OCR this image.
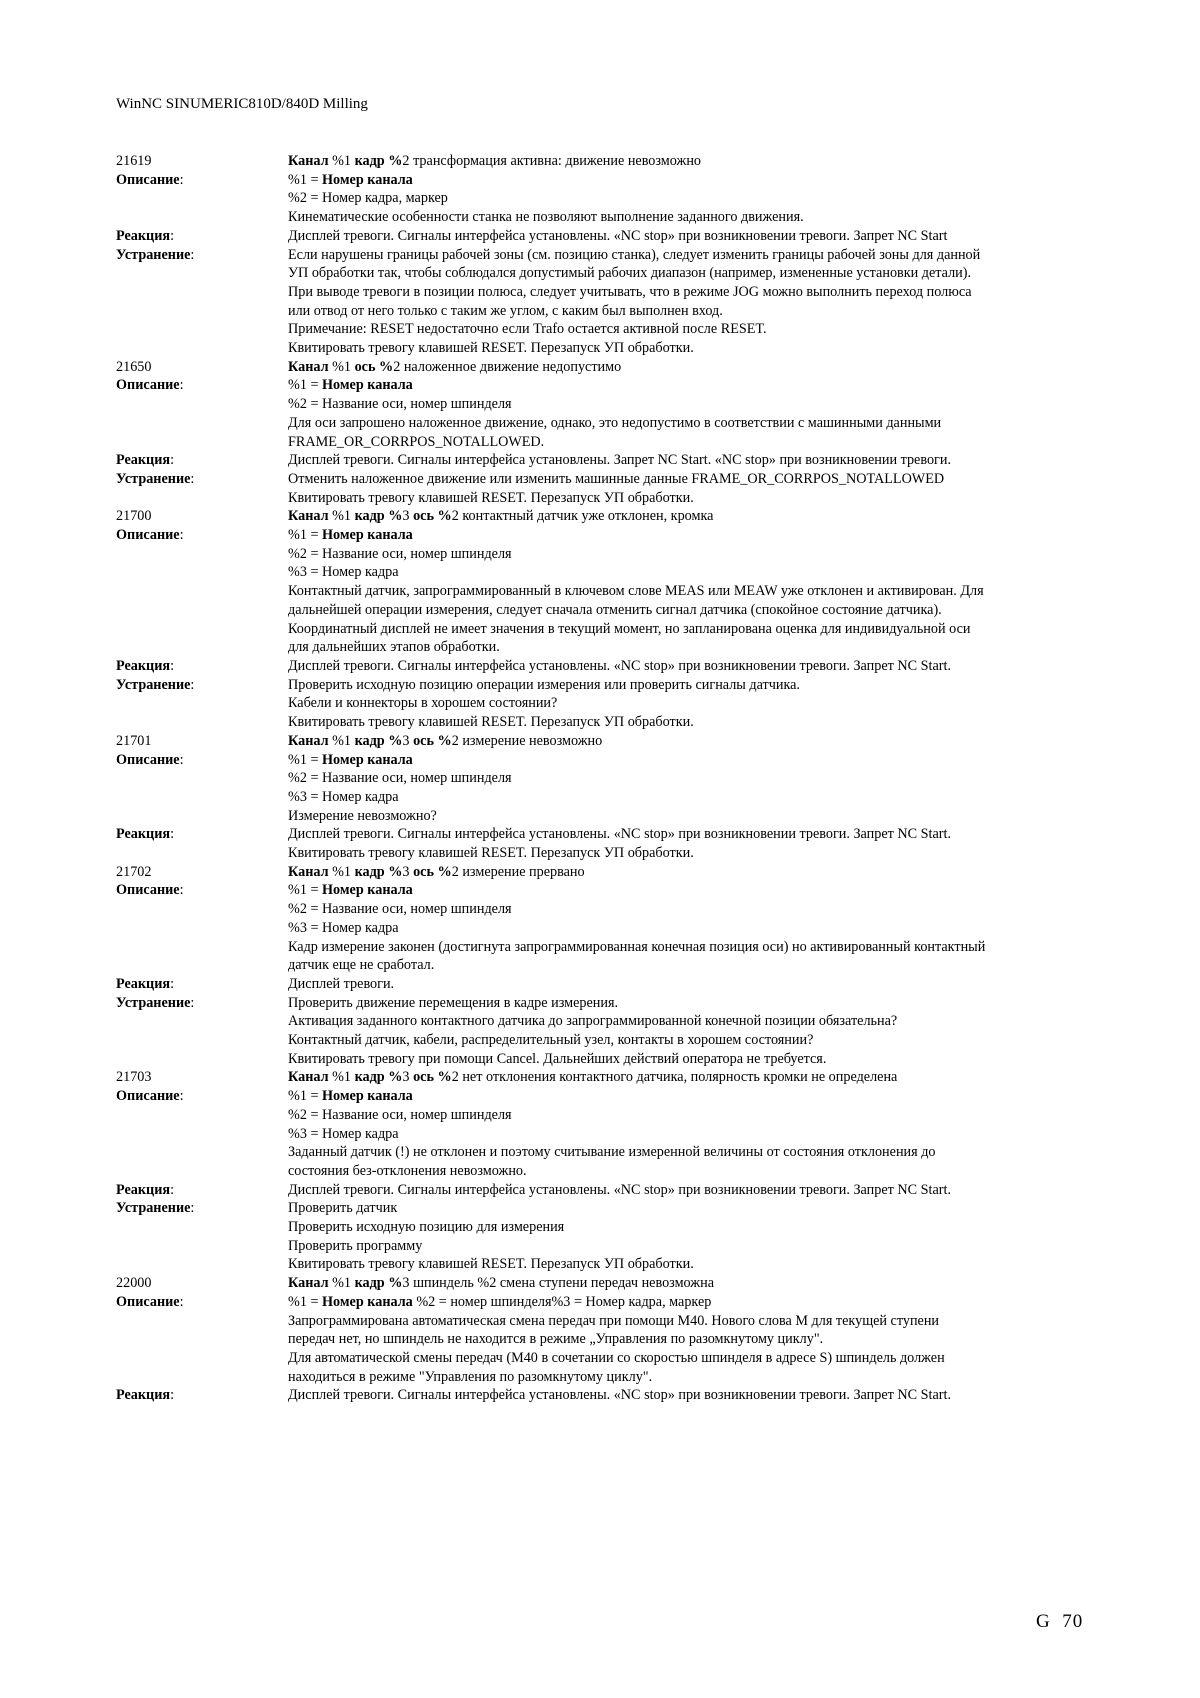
WinNC SINUMERIC810D/840D Milling
21619	Канал %1 кадр %2 трансформация активна: движение невозможно
Описание:	%1 = Номер канала
%2 = Номер кадра, маркер
Кинематические особенности станка не позволяют выполнение заданного движения.
Реакция:	Дисплей тревоги. Сигналы интерфейса установлены. «NC stop» при возникновении тревоги. Запрет NC Start
Устранение:	Если нарушены границы рабочей зоны (см. позицию станка), следует изменить границы рабочей зоны для данной
УП обработки так, чтобы соблюдался допустимый рабочих диапазон (например, измененные установки детали).
При выводе тревоги в позиции полюса, следует учитывать, что в режиме JOG можно выполнить переход полюса
или отвод от него только с таким же углом, с каким был выполнен вход.
Примечание: RESET недостаточно если Trafo остается активной после RESET.
Квитировать тревогу клавишей RESET. Перезапуск УП обработки.
21650	Канал %1 ось %2 наложенное движение недопустимо
Описание:	%1 = Номер канала
%2 = Название оси, номер шпинделя
Для оси запрошено наложенное движение, однако, это недопустимо в соответствии с машинными данными
FRAME_OR_CORRPOS_NOTALLOWED.
Реакция:	Дисплей тревоги. Сигналы интерфейса установлены. Запрет NC Start. «NC stop» при возникновении тревоги.
Устранение:	Отменить наложенное движение или изменить машинные данные FRAME_OR_CORRPOS_NOTALLOWED
Квитировать тревогу клавишей RESET. Перезапуск УП обработки.
21700	Канал %1 кадр %3 ось %2 контактный датчик уже отклонен, кромка
Описание:	%1 = Номер канала
%2 = Название оси, номер шпинделя
%3 = Номер кадра
Контактный датчик, запрограммированный в ключевом слове MEAS или MEAW уже отклонен и активирован. Для
дальнейшей операции измерения, следует сначала отменить сигнал датчика (спокойное состояние датчика).
Координатный дисплей не имеет значения в текущий момент, но запланирована оценка для индивидуальной оси
для дальнейших этапов обработки.
Реакция:	Дисплей тревоги. Сигналы интерфейса установлены. «NC stop» при возникновении тревоги. Запрет NC Start.
Устранение:	Проверить исходную позицию операции измерения или проверить сигналы датчика.
Кабели и коннекторы в хорошем состоянии?
Квитировать тревогу клавишей RESET. Перезапуск УП обработки.
21701	Канал %1 кадр %3 ось %2 измерение невозможно
Описание:	%1 = Номер канала
%2 = Название оси, номер шпинделя
%3 = Номер кадра
Измерение невозможно?
Реакция:	Дисплей тревоги. Сигналы интерфейса установлены. «NC stop» при возникновении тревоги. Запрет NC Start.
Квитировать тревогу клавишей RESET. Перезапуск УП обработки.
21702	Канал %1 кадр %3 ось %2 измерение прервано
Описание:	%1 = Номер канала
%2 = Название оси, номер шпинделя
%3 = Номер кадра
Кадр измерение законен (достигнута запрограммированная конечная позиция оси) но активированный контактный
датчик еще не сработал.
Реакция:	Дисплей тревоги.
Устранение:	Проверить движение перемещения в кадре измерения.
Активация заданного контактного датчика до запрограммированной конечной позиции обязательна?
Контактный датчик, кабели, распределительный узел, контакты в хорошем состоянии?
Квитировать тревогу при помощи Cancel. Дальнейших действий оператора не требуется.
21703	Канал %1 кадр %3 ось %2 нет отклонения контактного датчика, полярность кромки не определена
Описание:	%1 = Номер канала
%2 = Название оси, номер шпинделя
%3 = Номер кадра
Заданный датчик (!) не отклонен и поэтому считывание измеренной величины от состояния отклонения до
состояния без-отклонения невозможно.
Реакция:	Дисплей тревоги. Сигналы интерфейса установлены. «NC stop» при возникновении тревоги. Запрет NC Start.
Устранение:	Проверить датчик
Проверить исходную позицию для измерения
Проверить программу
Квитировать тревогу клавишей RESET. Перезапуск УП обработки.
22000	Канал %1 кадр %3 шпиндель %2 смена ступени передач невозможна
Описание:	%1 = Номер канала %2 = номер шпинделя%3 = Номер кадра, маркер
Запрограммирована автоматическая смена передач при помощи M40. Нового слова M для текущей ступени
передач нет, но шпиндель не находится в режиме „Управления по разомкнутому циклу".
Для автоматической смены передач (M40 в сочетании со скоростью шпинделя в адресе S) шпиндель должен
находиться в режиме "Управления по разомкнутому циклу".
Реакция:	Дисплей тревоги. Сигналы интерфейса установлены. «NC stop» при возникновении тревоги. Запрет NC Start.
G 70
